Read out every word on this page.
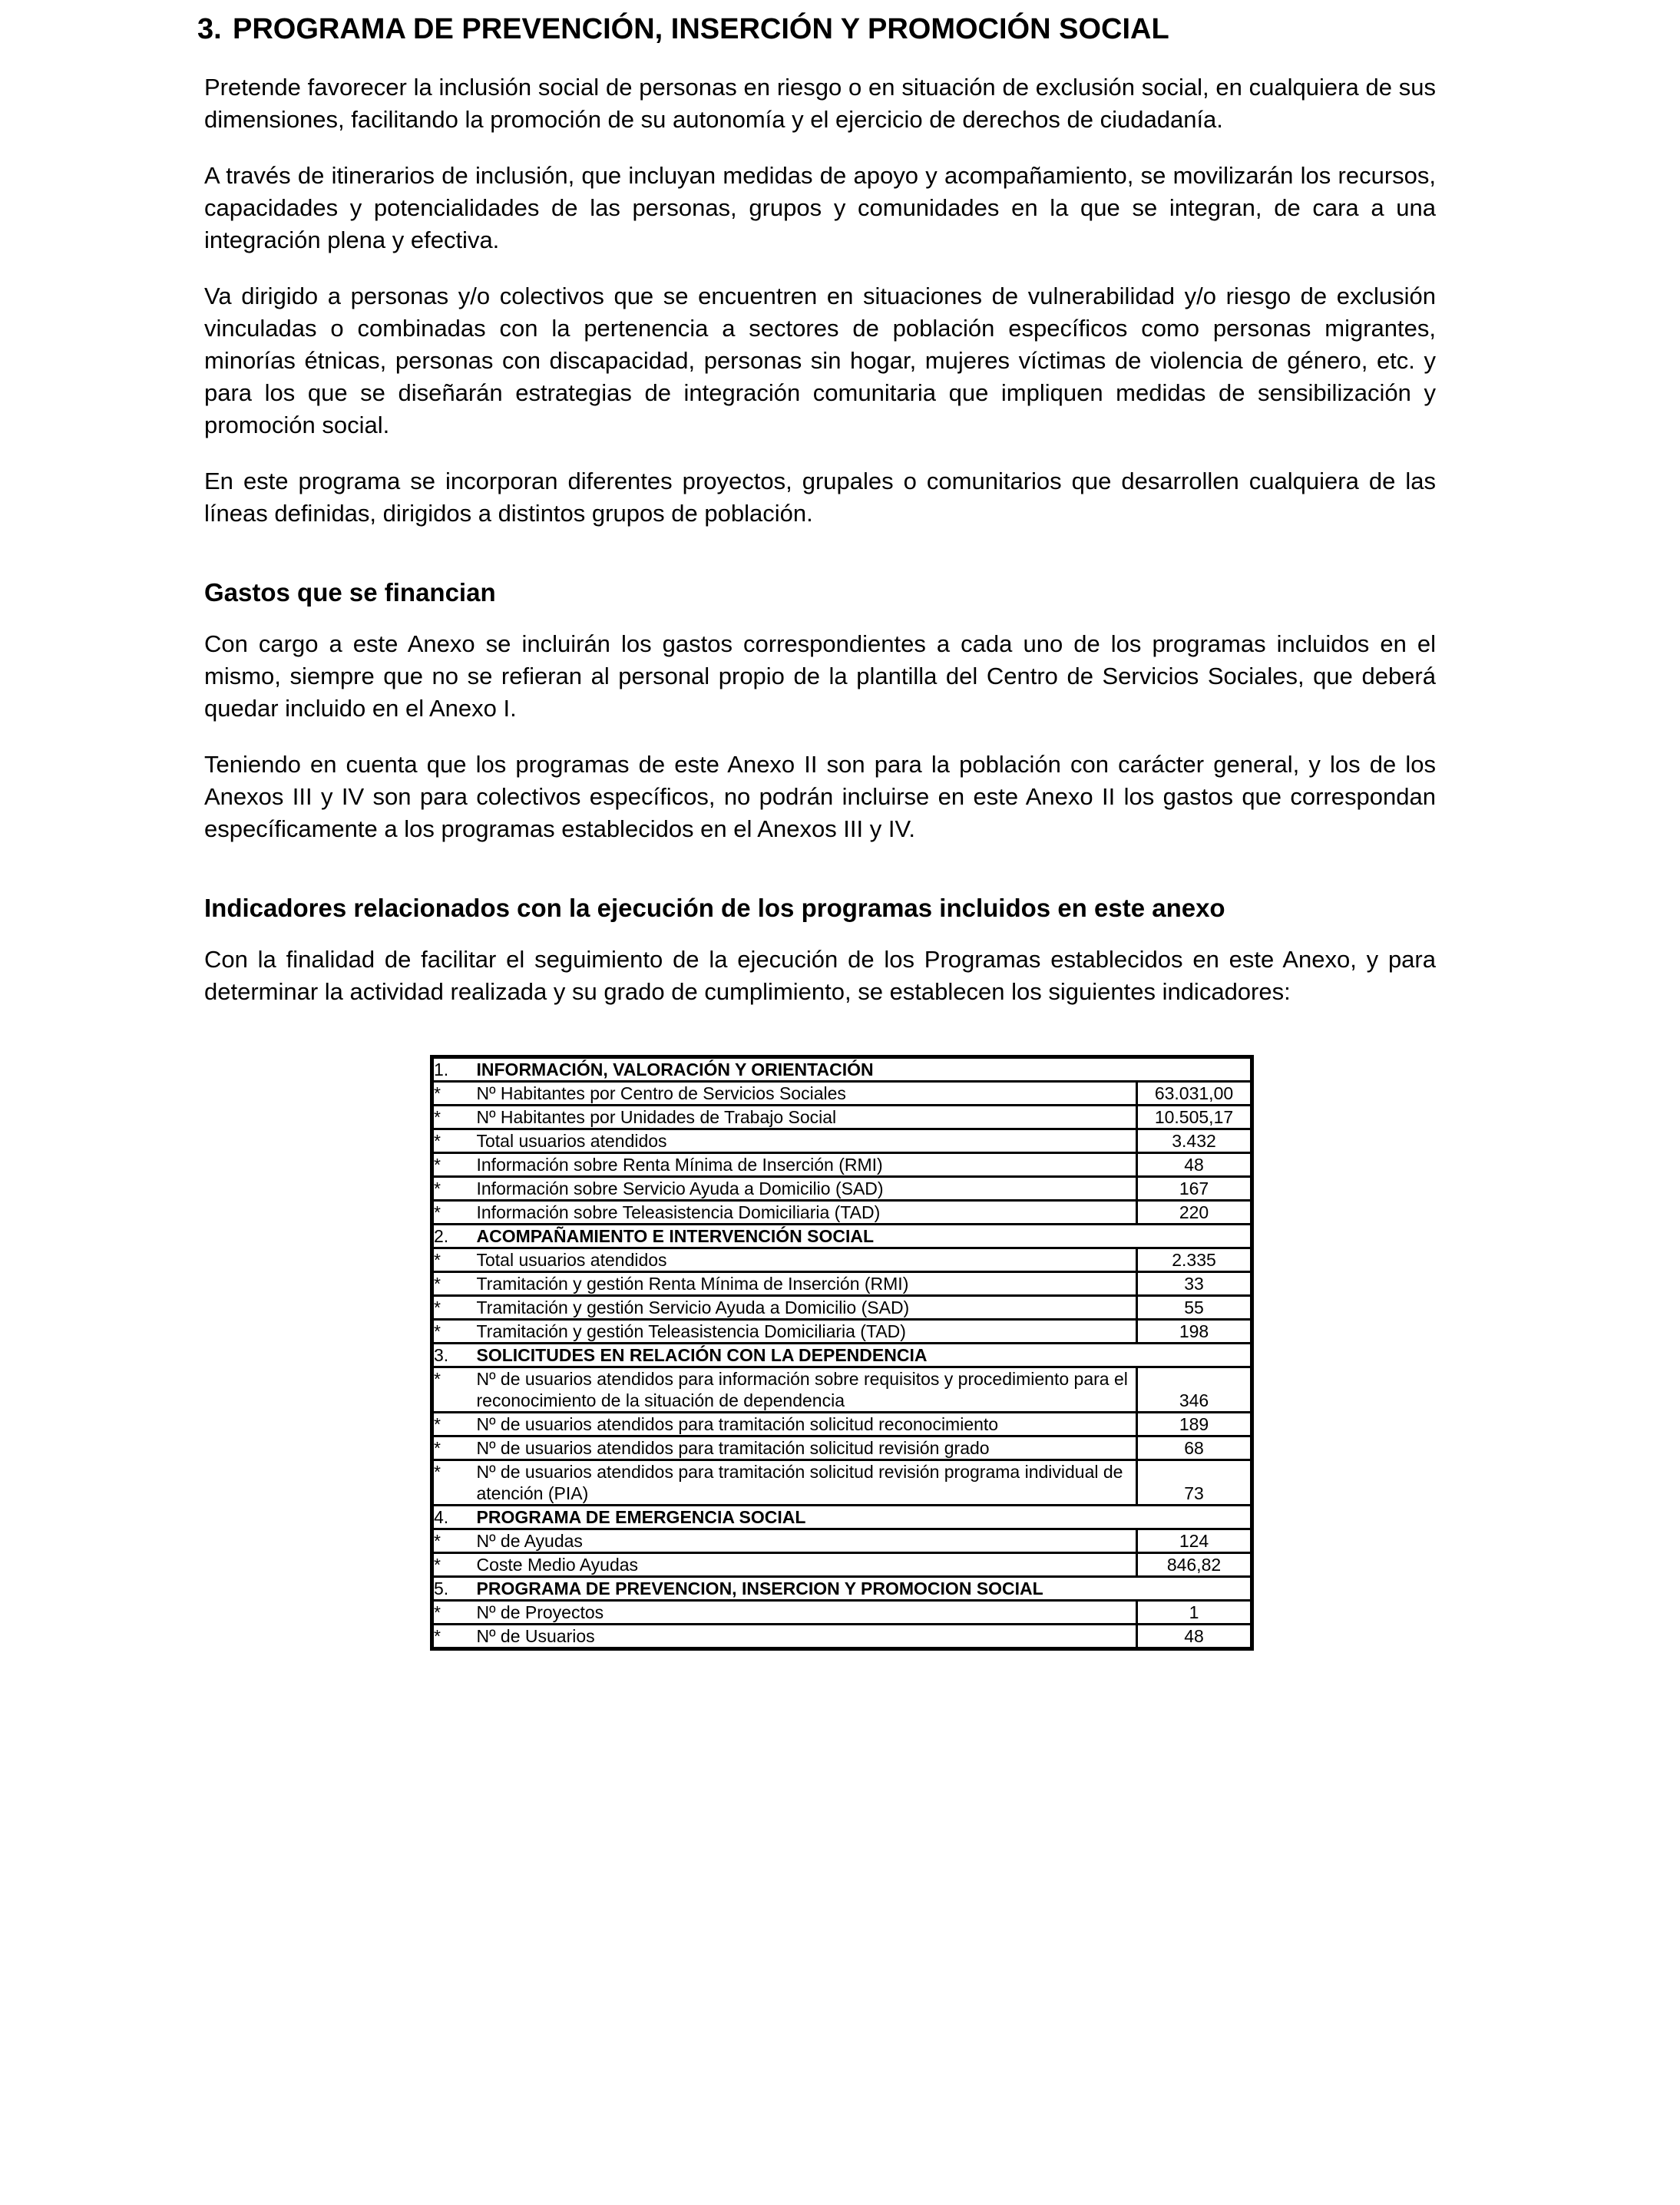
3. PROGRAMA DE PREVENCIÓN, INSERCIÓN Y PROMOCIÓN SOCIAL

Pretende favorecer la inclusión social de personas en riesgo o en situación de exclusión social, en cualquiera de sus dimensiones, facilitando la promoción de su autonomía y el ejercicio de derechos de ciudadanía.

A través de itinerarios de inclusión, que incluyan medidas de apoyo y acompañamiento, se movilizarán los recursos, capacidades y potencialidades de las personas, grupos y comunidades en la que se integran, de cara a una integración plena y efectiva.

Va dirigido a personas y/o colectivos que se encuentren en situaciones de vulnerabilidad y/o riesgo de exclusión vinculadas o combinadas con la pertenencia a sectores de población específicos como personas migrantes, minorías étnicas, personas con discapacidad, personas sin hogar, mujeres víctimas de violencia de género, etc. y para los que se diseñarán estrategias de integración comunitaria que impliquen medidas de sensibilización y promoción social.

En este programa se incorporan diferentes proyectos, grupales o comunitarios que desarrollen cualquiera de las líneas definidas, dirigidos a distintos grupos de población.

Gastos que se financian

Con cargo a este Anexo se incluirán los gastos correspondientes a cada uno de los programas incluidos en el mismo, siempre que no se refieran al personal propio de la plantilla del Centro de Servicios Sociales, que deberá quedar incluido en el Anexo I.

Teniendo en cuenta que los programas de este Anexo II son para la población con carácter general, y los de los Anexos III y IV son para colectivos específicos, no podrán incluirse en este Anexo II los gastos que correspondan específicamente a los programas establecidos en el Anexos III y IV.

Indicadores relacionados con la ejecución de los programas incluidos en este anexo

Con la finalidad de facilitar el seguimiento de la ejecución de los Programas establecidos en este Anexo, y para determinar la actividad realizada y su grado de cumplimiento, se establecen los siguientes indicadores:

1.	INFORMACIÓN, VALORACIÓN Y ORIENTACIÓN	
*	Nº Habitantes por Centro de Servicios Sociales	63.031,00
*	Nº Habitantes por Unidades de Trabajo Social	10.505,17
*	Total usuarios atendidos	3.432
*	Información sobre Renta Mínima de Inserción (RMI)	48
*	Información sobre Servicio Ayuda a Domicilio (SAD)	167
*	Información sobre Teleasistencia Domiciliaria (TAD)	220
2.	ACOMPAÑAMIENTO E INTERVENCIÓN SOCIAL	
*	Total usuarios atendidos	2.335
*	Tramitación y gestión Renta Mínima de Inserción (RMI)	33
*	Tramitación y gestión Servicio Ayuda a Domicilio (SAD)	55
*	Tramitación y gestión Teleasistencia Domiciliaria (TAD)	198
3.	SOLICITUDES EN RELACIÓN CON LA DEPENDENCIA	
*	Nº de usuarios atendidos para información sobre requisitos y procedimiento para el reconocimiento de la situación de dependencia	346
*	Nº de usuarios atendidos para tramitación solicitud reconocimiento	189
*	Nº de usuarios atendidos para tramitación solicitud revisión grado	68
*	Nº de usuarios atendidos para tramitación solicitud revisión programa individual de atención (PIA)	73
4.	PROGRAMA DE EMERGENCIA SOCIAL	
*	Nº de Ayudas	124
*	Coste Medio Ayudas	846,82
5.	PROGRAMA DE PREVENCION, INSERCION Y PROMOCION SOCIAL	
*	Nº de Proyectos	1
*	Nº de Usuarios	48
